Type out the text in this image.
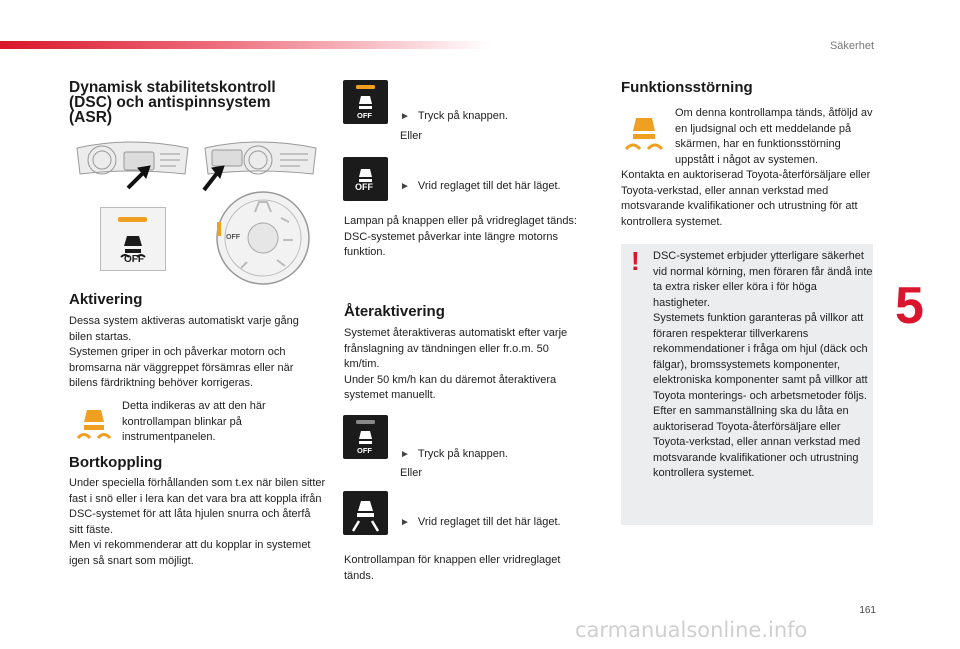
Säkerhet
Dynamisk stabilitetskontroll (DSC) och antispinnsystem (ASR)
OFF
OFF
Aktivering

Dessa system aktiveras automatiskt varje gång bilen startas.
Systemen griper in och påverkar motorn och bromsarna när väggreppet försämras eller när bilens färdriktning behöver korrigeras.

Detta indikeras av att den här kontrollampan blinkar på instrumentpanelen.

Bortkoppling

Under speciella förhållanden som t.ex när bilen sitter fast i snö eller i lera kan det vara bra att koppla ifrån DSC-systemet för att låta hjulen snurra och återfå sitt fäste.
Men vi rekommenderar att du kopplar in systemet igen så snart som möjligt.

OFF	► Tryck på knappen.

Eller
OFF	► Vrid reglaget till det här läget.

Lampan på knappen eller på vridreglaget tänds: DSC-systemet påverkar inte längre motorns funktion.

Återaktivering

Systemet återaktiveras automatiskt efter varje frånslagning av tändningen eller fr.o.m. 50 km/tim.
Under 50 km/h kan du däremot återaktivera systemet manuellt.

OFF	► Tryck på knappen.

Eller

► Vrid reglaget till det här läget.

Kontrollampan för knappen eller vridreglaget tänds.

Funktionsstörning

Om denna kontrollampa tänds, åtföljd av en ljudsignal och ett meddelande på skärmen, har en funktionsstörning uppstått i något av systemen.

Kontakta en auktoriserad Toyota-återförsäljare eller Toyota-verkstad, eller annan verkstad med motsvarande kvalifikationer och utrustning för att kontrollera systemet.

! DSC-systemet erbjuder ytterligare säkerhet vid normal körning, men föraren får ändå inte ta extra risker eller köra i för höga hastigheter.
Systemets funktion garanteras på villkor att föraren respekterar tillverkarens rekommendationer i fråga om hjul (däck och fälgar), bromssystemets komponenter, elektroniska komponenter samt på villkor att Toyota monterings- och arbetsmetoder följs.
Efter en sammanställning ska du låta en auktoriserad Toyota-återförsäljare eller Toyota-verkstad, eller annan verkstad med motsvarande kvalifikationer och utrustning kontrollera systemet.

5
161
carmanualsonline.info
